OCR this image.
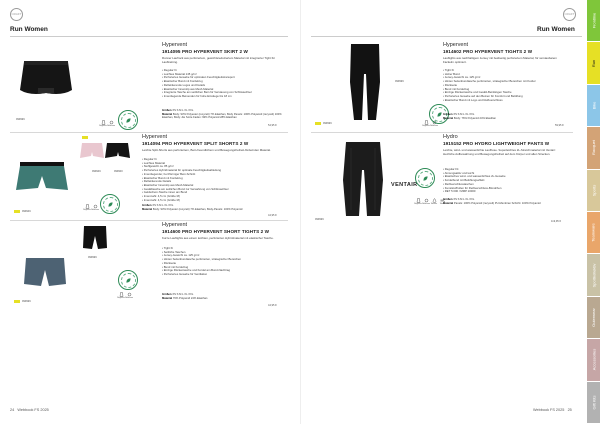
CRAFT
Run Women
999999
Reguläre Reflexion
Hypervent
1914095 PRO HYPERVENT SKIRT 2 W
Runner Laufrock aus perforiertem, gewichtsreduziertem Material mit integrierter Tight für Lauftraining.
• Regular fit
• Leichtes Material 145 g/m²
• Perforiertes Gewebe für optimalen Feuchtigkeitstransport
• Elastischer Bund mit Kordelzug
• Reflektierende Logos und Details
• Elastischer Innenslip aus Mesh-Material
• Integrierte Tasche am seitlichen Bein für Verstauung von Schlüssel/Gel
• Innenliegende Beinenden für hohe Einstiege bis 18 cm
Größen XS S M L XL XXL
Material Body: 93% Polyester (recycelt) 7% Elasthan, Body Panels: 100% Polyamid (recycelt) 100% Elasthan, Body: die Sorte Faden: 93% Polyamid 28% Elasthan
54,95 €
999949	999900
999949	Reguläre Reflexion
Hypervent
1914094 PRO HYPERVENT SPLIT SHORTS 2 W
Leichte Split-Shorts aus perforiertem, Bein-freundlichem und Bewegungsfreiheit-fördernden Material.
• Regular fit
• Leichtes Material
• Stoffgewicht ca. 85 g/m²
• Perforiertes Hybridmaterial für optimale Feuchtigkeitsableitung
• Innenliegender, herzförmiger Bein-Schnitt
• Elastischer Bund mit Kordelzug
• Reflektierende Details
• Elastischer Innenslip aus Mesh-Material
• Gesäßtasche am seitlichen Bund zur Verwahrung von Schlüssel/Gel
• Geldschein-Tasche innen am Bund
• Innennaht: 4,5 cm (Größe M)
• Innennaht: 4,5 cm (Größe M)
Größen XS S M L XL XXL
Material Body: 93% Polyester (recycelt) 7% Elasthan, Body-Panels: 100% Polyamid
44,95 €
999999
999999
Reguläre Reflexion
Hypervent
1914600 PRO HYPERVENT SHORT TIGHTS 2 W
Kurze Lauftights aus einem leichten, perforierten Hybridmaterial mit elastischer Tasche.
• Tight fit
• Seitliche Taschen
• Jersey-Gewicht ca. 125 g/m²
• Hinten Seitenbundtasche perforierten, strategischer Bereichen
• Rückseite
• Bund mit Kordelzug
• Einzige Rückentasche und Kordel am Bund-Nachtrag
• Perforiertes Gewebe für Ventilation
Größen XS S M L XL XXL
Material 76% Polyamid 24% Elasthan
44,95 €
24 Webbook FS 2025
CRAFT
Run Women
999999
999999
Reguläre Reflexion
Hypervent
1914602 PRO HYPERVENT TIGHTS 2 W
Lauftights aus nachhaltigem Jersey mit beidseitig perforiertem Material, für verstaubarem Fackelm optimiert.
• Tight fit
• Hoher Bund
• Jersey-Gewicht ca. 125 g/m²
• Hinten Seitenbundtasche perforierten, strategischer Bereichen mit Kordel
• Rückseite
• Bund mit Kordelzug
• Einzige Rückentasche und Gesäß-Beinlängen Tasche
• Perforiertes Gewebe auf den Beinen für Komfort und Belüftung
• Elastischer Bund mit Logo und Reißverschluss
Größen XS S M L XL XXL
Material Body: 76% Polyamid 24% Elasthan
59,95 €
999999
VENTAIR
Reguläre Reflexion Wasser Wind
Hydro
1915152 PRO HYDRO LIGHTWEIGHT PANTS W
Leichte, wind- und wasserdichte Laufhose. Superleichtes 2L-Stretchmaterial mit Ventair: Herrliche Aufbewahrung und Bewegungsfreiheit auf dem Körper und allen Strecken.
• Regular Fit
• Atmungsaktiv und leicht
• Elastisches wind- und wasserdichtes 2L-Gewebe
• Kordelbund mit Belüftungseffekt
• Reißverschlusstaschen
• Kunststoffrollen für Reißverschluss-Bündchen
• RET 5 000 / MMP 10000
Größen XS S M L XL XXL
Material Panels: 100% Polyamid (recycelt) PU-Membran Schicht: 100% Polyamid
119,95 €
Webbook FS 2025 25
Frontline
Run
Bike
Racquet
Sports
Teamware
Sportkollektiv
Outerwear
Accessories
Gift Kits
